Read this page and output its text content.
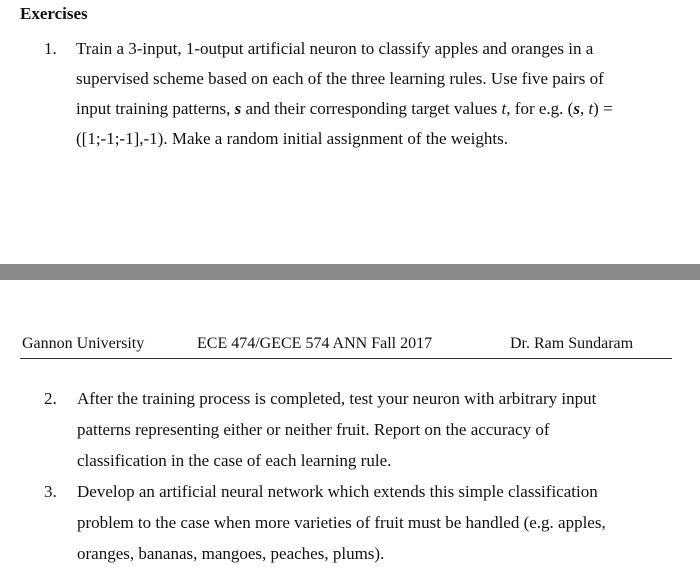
Exercises
1. Train a 3-input, 1-output artificial neuron to classify apples and oranges in a
supervised scheme based on each of the three learning rules. Use five pairs of
input training patterns, s and their corresponding target values t, for e.g. (s, t) =
([1;-1;-1],-1). Make a random initial assignment of the weights.
Gannon University	ECE 474/GECE 574 ANN Fall 2017	Dr. Ram Sundaram
2. After the training process is completed, test your neuron with arbitrary input
patterns representing either or neither fruit. Report on the accuracy of
classification in the case of each learning rule.
3. Develop an artificial neural network which extends this simple classification
problem to the case when more varieties of fruit must be handled (e.g. apples,
oranges, bananas, mangoes, peaches, plums).
